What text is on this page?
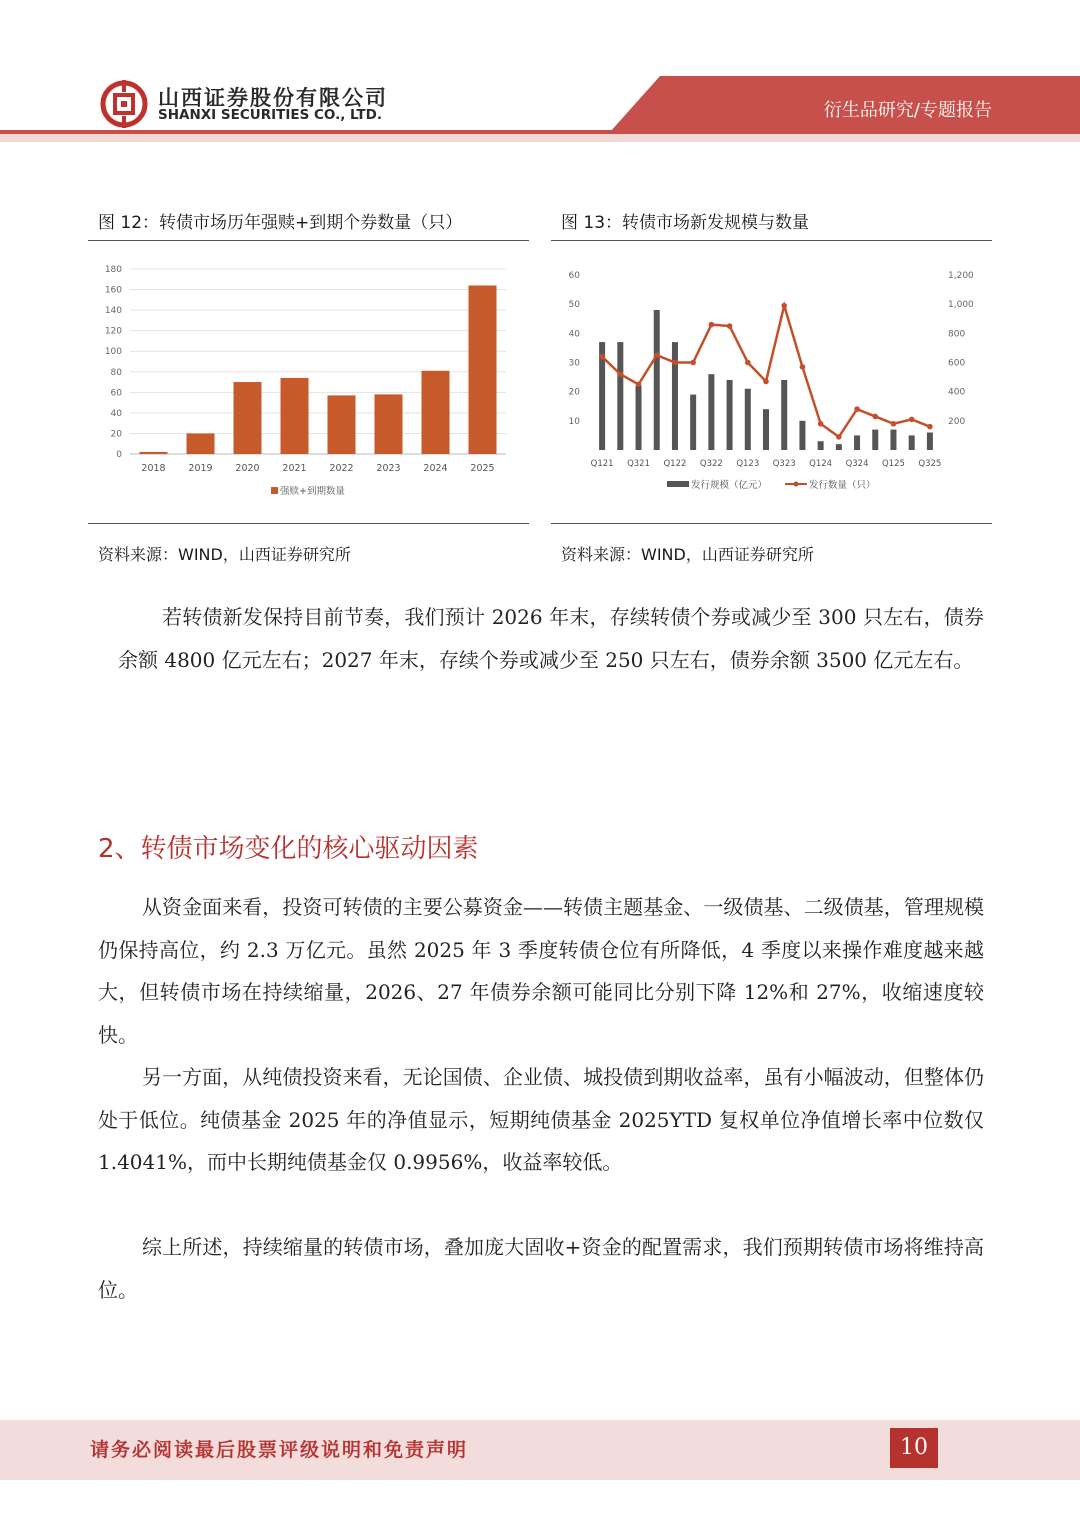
山西证券股份有限公司
SHANXI SECURITIES CO., LTD.	衍生品研究/专题报告
图 12：转债市场历年强赎+到期个券数量（只）
0
20
40
60
80
100
120
140
160
180
2018 2019 2020 2021 2022 2023 2024 2025
强赎+到期数量
资料来源：WIND，山西证券研究所
图 13：转债市场新发规模与数量
10
20
30
40
50
60
200
400
600
800
1,000
1,200
Q121 Q321 Q122 Q322 Q123 Q323 Q124 Q324 Q125 Q325
发行规模（亿元）	发行数量（只）
资料来源：WIND，山西证券研究所
若转债新发保持目前节奏，我们预计 2026 年末，存续转债个券或减少至 300 只左右，债券余额 4800 亿元左右；2027 年末，存续个券或减少至 250 只左右，债券余额 3500 亿元左右。
2、转债市场变化的核心驱动因素
从资金面来看，投资可转债的主要公募资金——转债主题基金、一级债基、二级债基，管理规模仍保持高位，约 2.3 万亿元。虽然 2025 年 3 季度转债仓位有所降低，4 季度以来操作难度越来越大，但转债市场在持续缩量，2026、27 年债券余额可能同比分别下降 12%和 27%，收缩速度较快。
另一方面，从纯债投资来看，无论国债、企业债、城投债到期收益率，虽有小幅波动，但整体仍处于低位。纯债基金 2025 年的净值显示，短期纯债基金 2025YTD 复权单位净值增长率中位数仅 1.4041%，而中长期纯债基金仅 0.9956%，收益率较低。
综上所述，持续缩量的转债市场，叠加庞大固收+资金的配置需求，我们预期转债市场将维持高位。
请务必阅读最后股票评级说明和免责声明	10
